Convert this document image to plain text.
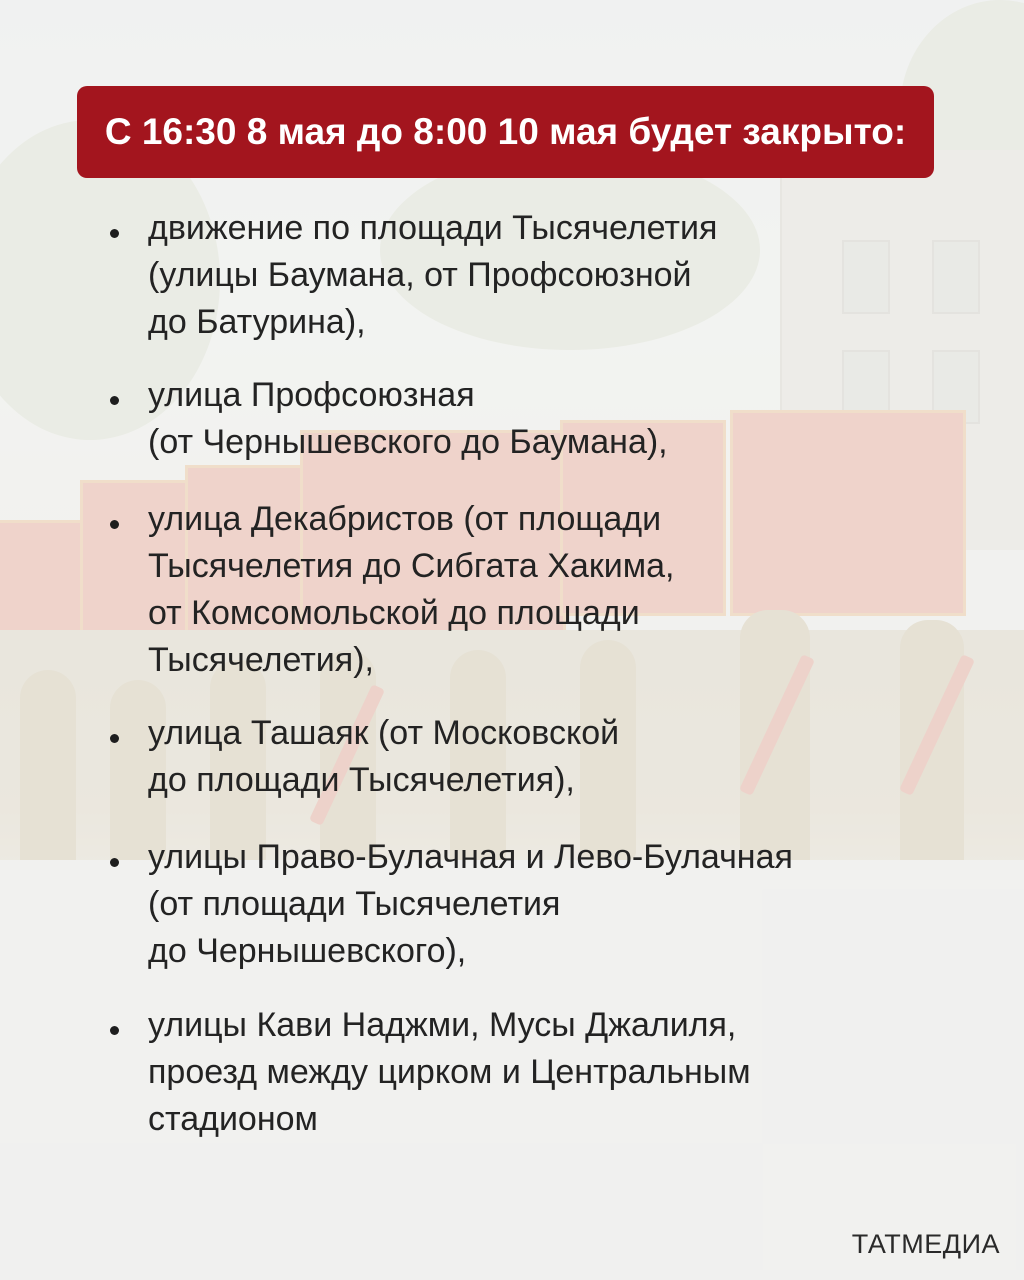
С 16:30 8 мая до 8:00 10 мая будет закрыто:
движение по площади Тысячелетия
(улицы Баумана, от Профсоюзной
до Батурина),
улица Профсоюзная
(от Чернышевского до Баумана),
улица Декабристов (от площади
Тысячелетия до Сибгата Хакима,
от Комсомольской до площади
Тысячелетия),
улица Ташаяк (от Московской
до площади Тысячелетия),
улицы Право-Булачная и Лево-Булачная
(от площади Тысячелетия
до Чернышевского),
улицы Кави Наджми, Мусы Джалиля,
проезд между цирком и Центральным
стадионом
ТАТМЕДИА
